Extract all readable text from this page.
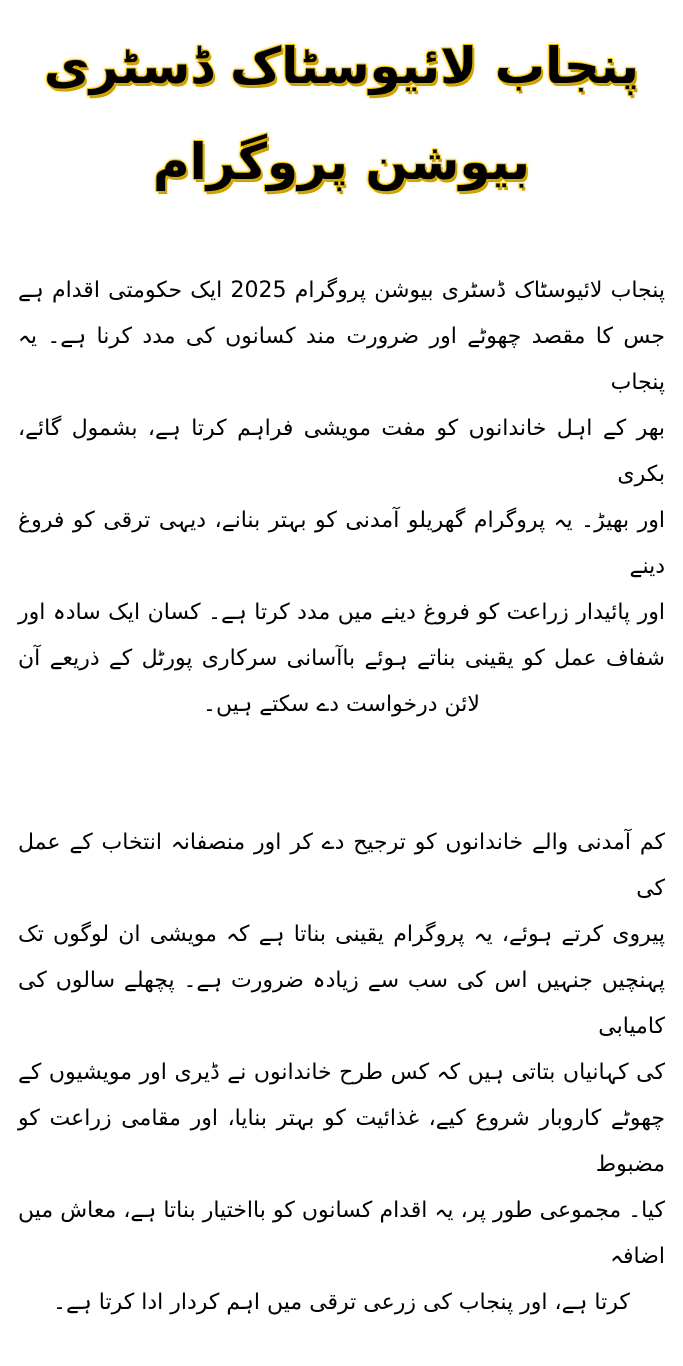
پنجاب لائیوسٹاک ڈسٹری بیوشن پروگرام
پنجاب لائیوسٹاک ڈسٹری بیوشن پروگرام 2025 ایک حکومتی اقدام ہے
جس کا مقصد چھوٹے اور ضرورت مند کسانوں کی مدد کرنا ہے۔ یہ پنجاب
بھر کے اہل خاندانوں کو مفت مویشی فراہم کرتا ہے، بشمول گائے، بکری
اور بھیڑ۔ یہ پروگرام گھریلو آمدنی کو بہتر بنانے، دیہی ترقی کو فروغ دینے
اور پائیدار زراعت کو فروغ دینے میں مدد کرتا ہے۔ کسان ایک سادہ اور
شفاف عمل کو یقینی بناتے ہوئے باآسانی سرکاری پورٹل کے ذریعے آن
لائن درخواست دے سکتے ہیں۔
کم آمدنی والے خاندانوں کو ترجیح دے کر اور منصفانہ انتخاب کے عمل کی
پیروی کرتے ہوئے، یہ پروگرام یقینی بناتا ہے کہ مویشی ان لوگوں تک
پہنچیں جنہیں اس کی سب سے زیادہ ضرورت ہے۔ پچھلے سالوں کی کامیابی
کی کہانیاں بتاتی ہیں کہ کس طرح خاندانوں نے ڈیری اور مویشیوں کے
چھوٹے کاروبار شروع کیے، غذائیت کو بہتر بنایا، اور مقامی زراعت کو مضبوط
کیا۔ مجموعی طور پر، یہ اقدام کسانوں کو بااختیار بناتا ہے، معاش میں اضافہ
کرتا ہے، اور پنجاب کی زرعی ترقی میں اہم کردار ادا کرتا ہے۔
